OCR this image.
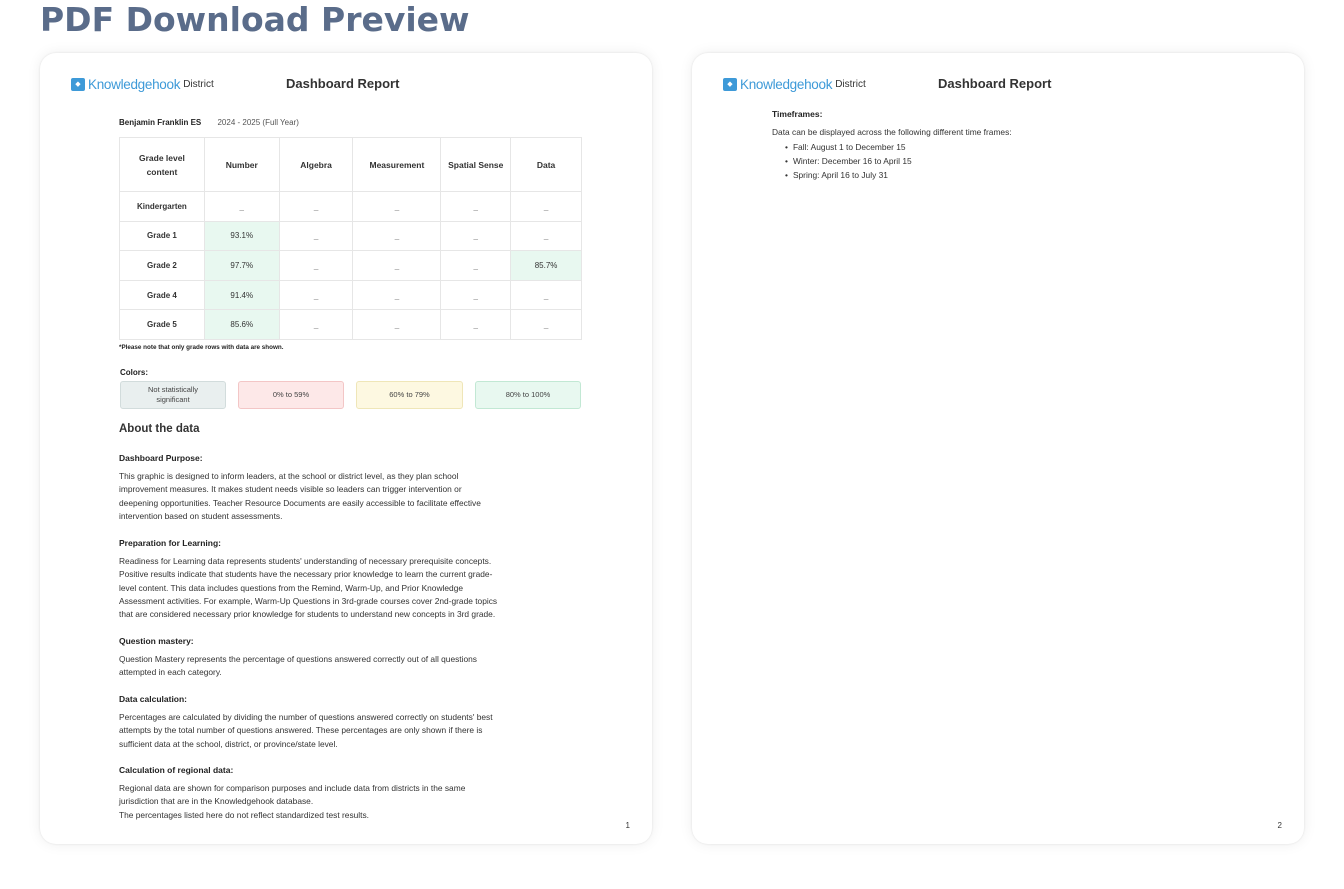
PDF Download Preview
◆ Knowledgehook District	Dashboard Report
Benjamin Franklin ES 2024 - 2025 (Full Year)
Grade level content	Number	Algebra	Measurement	Spatial Sense	Data
Kindergarten	_	_	_	_	_
Grade 1	93.1%	_	_	_	_
Grade 2	97.7%	_	_	_	85.7%
Grade 4	91.4%	_	_	_	_
Grade 5	85.6%	_	_	_	_
*Please note that only grade rows with data are shown.
Colors:
Not statistically significant
0% to 59%	60% to 79%	80% to 100%
About the data
Dashboard Purpose:
This graphic is designed to inform leaders, at the school or district level, as they plan school
improvement measures. It makes student needs visible so leaders can trigger intervention or
deepening opportunities. Teacher Resource Documents are easily accessible to facilitate effective
intervention based on student assessments.
Preparation for Learning:
Readiness for Learning data represents students' understanding of necessary prerequisite concepts.
Positive results indicate that students have the necessary prior knowledge to learn the current grade-
level content. This data includes questions from the Remind, Warm-Up, and Prior Knowledge
Assessment activities. For example, Warm-Up Questions in 3rd-grade courses cover 2nd-grade topics
that are considered necessary prior knowledge for students to understand new concepts in 3rd grade.
Question mastery:
Question Mastery represents the percentage of questions answered correctly out of all questions
attempted in each category.
Data calculation:
Percentages are calculated by dividing the number of questions answered correctly on students' best
attempts by the total number of questions answered. These percentages are only shown if there is
sufficient data at the school, district, or province/state level.
Calculation of regional data:
Regional data are shown for comparison purposes and include data from districts in the same
jurisdiction that are in the Knowledgehook database.
The percentages listed here do not reflect standardized test results.
1
◆ Knowledgehook District	Dashboard Report
Timeframes:
Data can be displayed across the following different time frames:
• Fall: August 1 to December 15
• Winter: December 16 to April 15
• Spring: April 16 to July 31
2
